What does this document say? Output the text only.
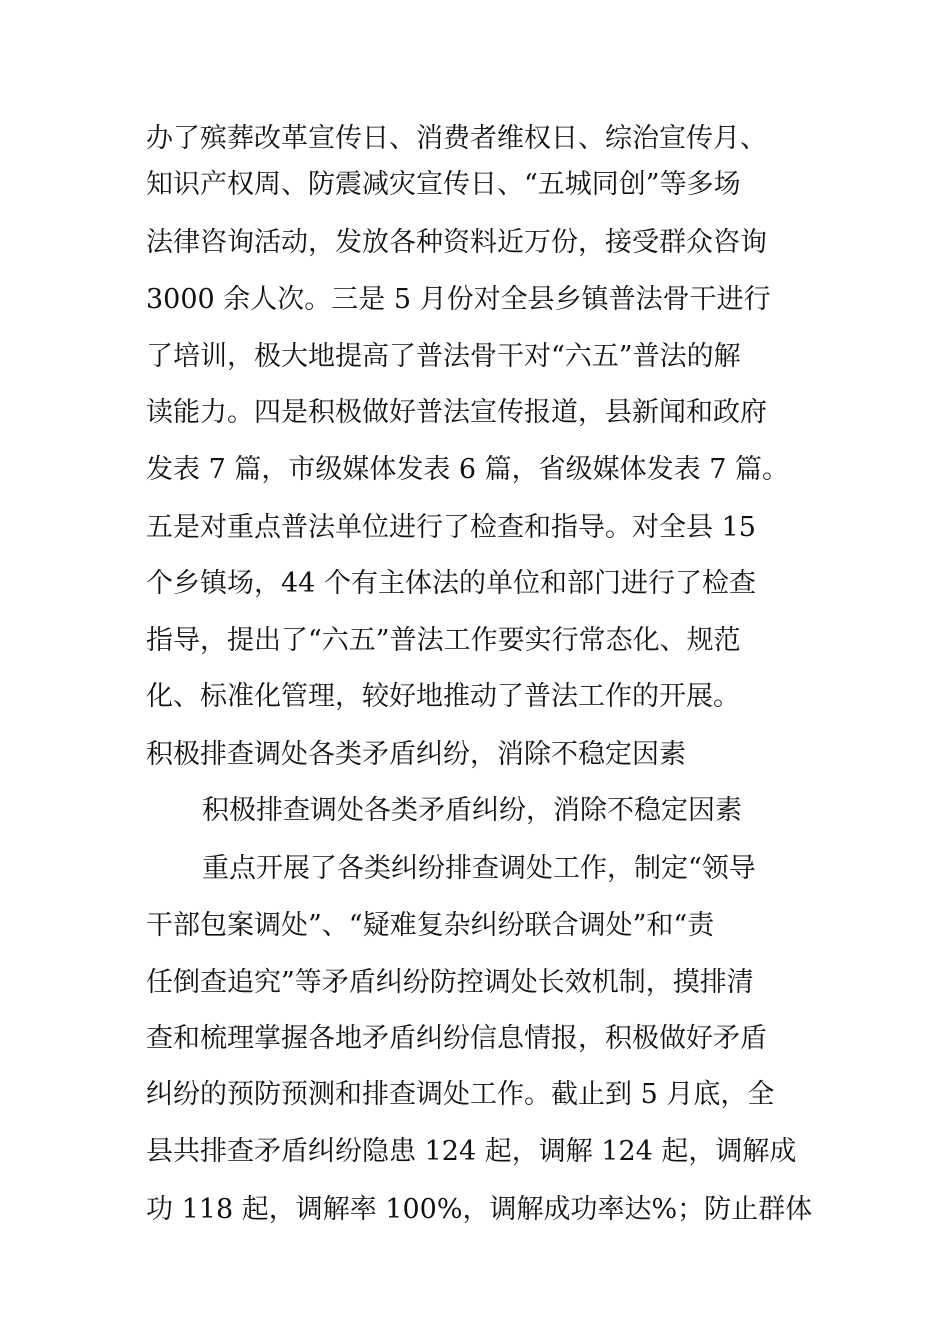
办了殡葬改革宣传日、消费者维权日、综治宣传月、
知识产权周、防震减灾宣传日、“五城同创”等多场
法律咨询活动，发放各种资料近万份，接受群众咨询
3000 余人次。三是 5 月份对全县乡镇普法骨干进行
了培训，极大地提高了普法骨干对“六五”普法的解
读能力。四是积极做好普法宣传报道，县新闻和政府
发表 7 篇，市级媒体发表 6 篇，省级媒体发表 7 篇。
五是对重点普法单位进行了检查和指导。对全县 15
个乡镇场，44 个有主体法的单位和部门进行了检查
指导，提出了“六五”普法工作要实行常态化、规范
化、标准化管理，较好地推动了普法工作的开展。
积极排查调处各类矛盾纠纷，消除不稳定因素
积极排查调处各类矛盾纠纷，消除不稳定因素
重点开展了各类纠纷排查调处工作，制定“领导
干部包案调处”、“疑难复杂纠纷联合调处”和“责
任倒查追究”等矛盾纠纷防控调处长效机制，摸排清
查和梳理掌握各地矛盾纠纷信息情报，积极做好矛盾
纠纷的预防预测和排查调处工作。截止到 5 月底，全
县共排查矛盾纠纷隐患 124 起，调解 124 起，调解成
功 118 起，调解率 100%，调解成功率达%；防止群体
